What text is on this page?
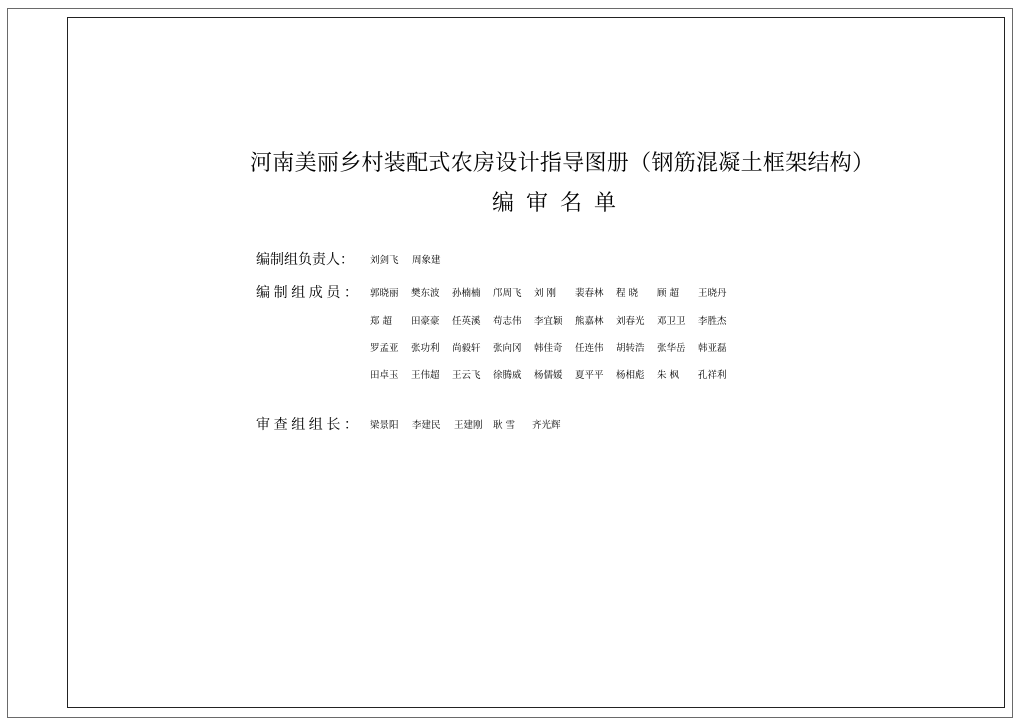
河南美丽乡村装配式农房设计指导图册（钢筋混凝土框架结构）
编审名单
编制组负责人： 刘剑飞 周象建
编制组成员： 郭晓丽 樊东波 孙楠楠 邝周飞 刘 刚 裴春林 程 晓 顾 超 王晓丹
郑 超 田豪豪 任英溪 苟志伟 李宜颖 熊嘉林 刘春光 邓卫卫 李胜杰
罗孟亚 张功利 尚毅轩 张向冈 韩佳奇 任连伟 胡转浩 张华岳 韩亚磊
田卓玉 王伟超 王云飞 徐腾威 杨儒媛 夏平平 杨相彪 朱 枫 孔祥利
审查组组长： 梁景阳 李建民 王建刚 耿 雪 齐光辉
